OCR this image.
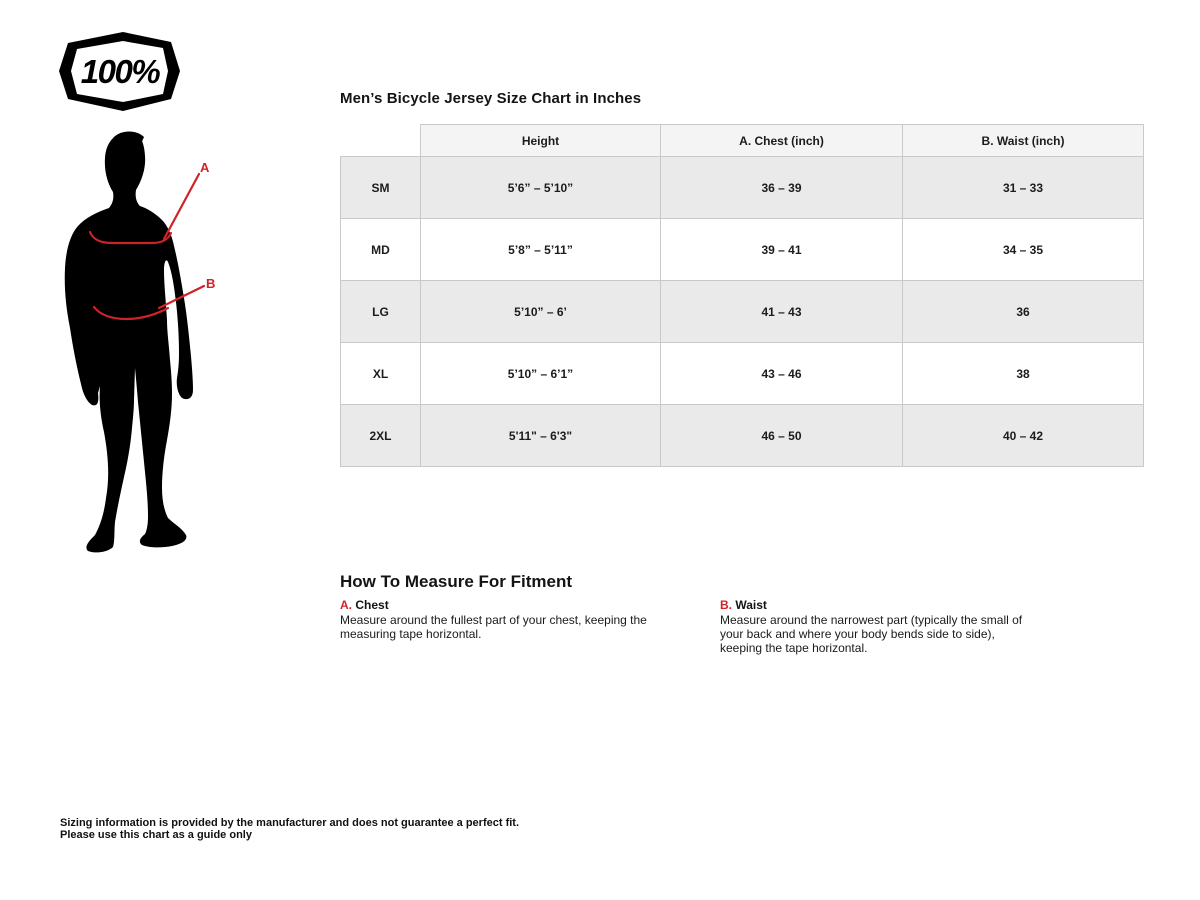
100%
A
B
Men’s Bicycle Jersey Size Chart in Inches
	Height	A. Chest (inch)	B. Waist (inch)
SM	5’6” – 5’10”	36 – 39	31 – 33
MD	5’8” – 5’11”	39 – 41	34 – 35
LG	5’10” – 6’	41 – 43	36
XL	5’10” – 6’1”	43 – 46	38
2XL	5'11" – 6'3"	46 – 50	40 – 42
How To Measure For Fitment
A. Chest

Measure around the fullest part of your chest, keeping the measuring tape horizontal.

B. Waist

Measure around the narrowest part (typically the small of your back and where your body bends side to side), keeping the tape horizontal.

Sizing information is provided by the manufacturer and does not guarantee a perfect fit.
Please use this chart as a guide only
